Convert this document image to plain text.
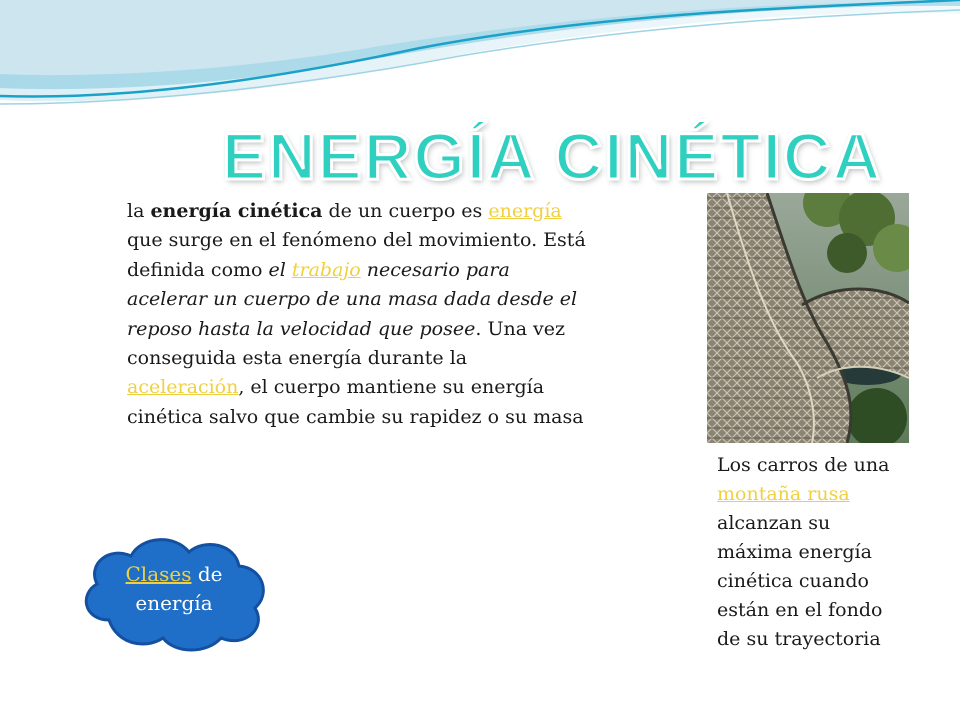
ENERGÍA CINÉTICA
la energía cinética de un cuerpo es energía que surge en el fenómeno del movimiento. Está definida como el trabajo necesario para acelerar un cuerpo de una masa dada desde el reposo hasta la velocidad que posee. Una vez conseguida esta energía durante la aceleración, el cuerpo mantiene su energía cinética salvo que cambie su rapidez o su masa
Los carros de una montaña rusa alcanzan su máxima energía cinética cuando están en el fondo de su trayectoria
Clases de
energía
